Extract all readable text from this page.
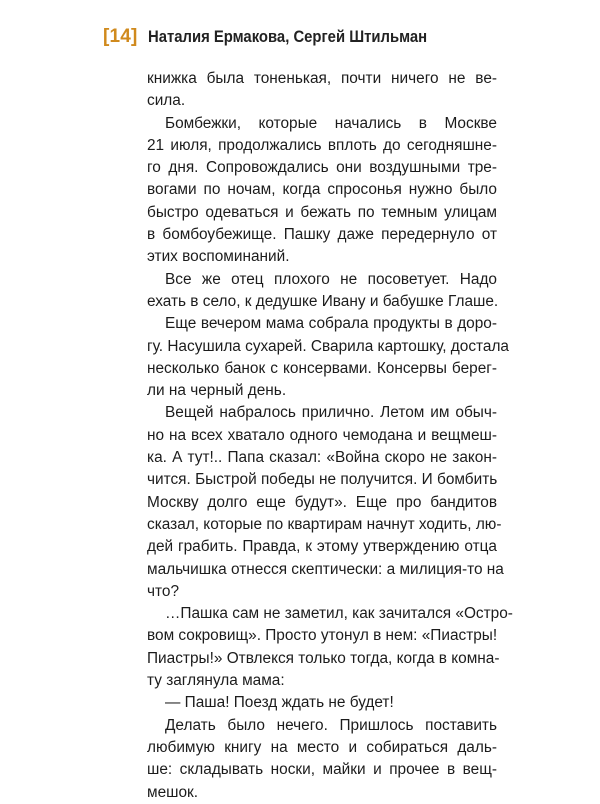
[14] Наталия Ермакова, Сергей Штильман
книжка была тоненькая, почти ничего не ве-
сила.
Бомбежки, которые начались в Москве
21 июля, продолжались вплоть до сегодняшне-
го дня. Сопровождались они воздушными тре-
вогами по ночам, когда спросонья нужно было
быстро одеваться и бежать по темным улицам
в бомбоубежище. Пашку даже передернуло от
этих воспоминаний.
Все же отец плохого не посоветует. Надо
ехать в село, к дедушке Ивану и бабушке Глаше.
Еще вечером мама собрала продукты в доро-
гу. Насушила сухарей. Сварила картошку, достала
несколько банок с консервами. Консервы берег-
ли на черный день.
Вещей набралось прилично. Летом им обыч-
но на всех хватало одного чемодана и вещмеш-
ка. А тут!.. Папа сказал: «Война скоро не закон-
чится. Быстрой победы не получится. И бомбить
Москву долго еще будут». Еще про бандитов
сказал, которые по квартирам начнут ходить, лю-
дей грабить. Правда, к этому утверждению отца
мальчишка отнесся скептически: а милиция-то на
что?
…Пашка сам не заметил, как зачитался «Остро-
вом сокровищ». Просто утонул в нем: «Пиастры!
Пиастры!» Отвлекся только тогда, когда в комна-
ту заглянула мама:
— Паша! Поезд ждать не будет!
Делать было нечего. Пришлось поставить
любимую книгу на место и собираться даль-
ше: складывать носки, майки и прочее в вещ-
мешок.
